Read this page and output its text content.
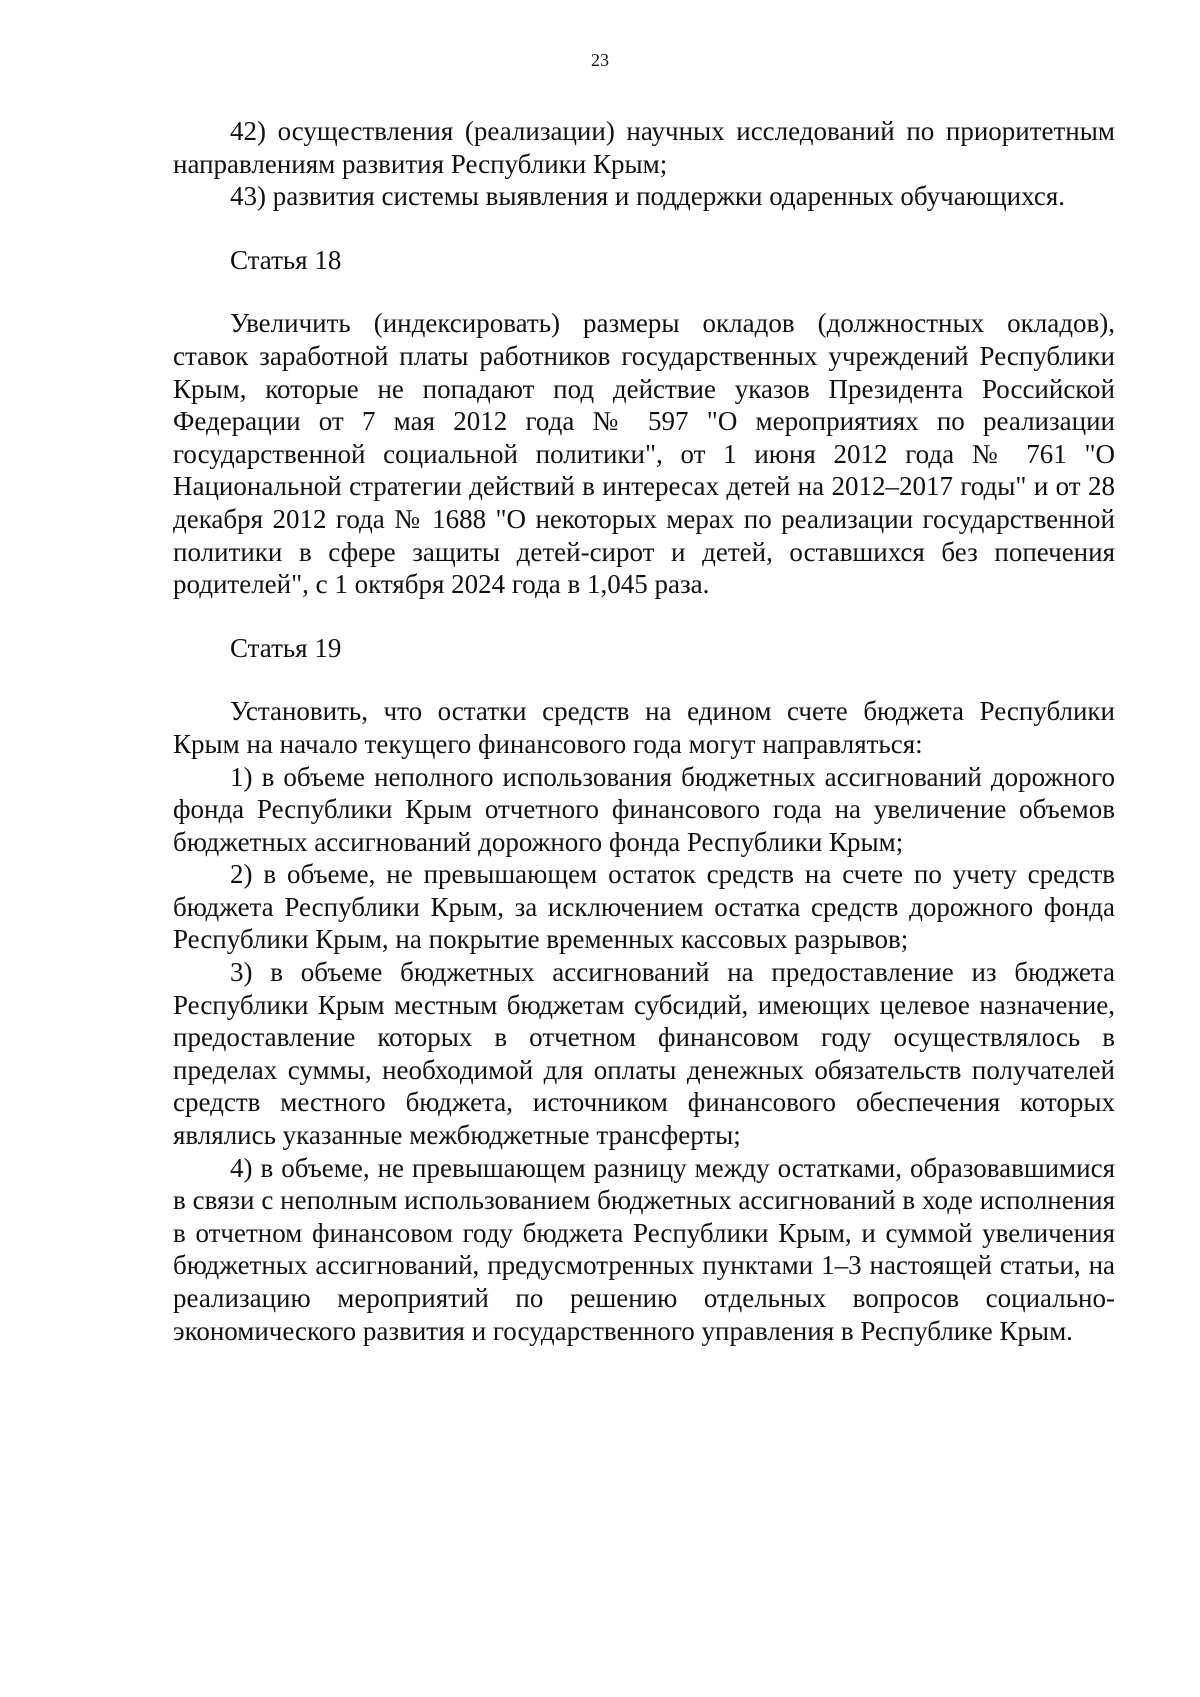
23

42) осуществления (реализации) научных исследований по приоритетным направлениям развития Республики Крым;

43) развития системы выявления и поддержки одаренных обучающихся.

Статья 18

Увеличить (индексировать) размеры окладов (должностных окладов), ставок заработной платы работников государственных учреждений Республики Крым, которые не попадают под действие указов Президента Российской Федерации от 7 мая 2012 года № 597 "О мероприятиях по реализации государственной социальной политики", от 1 июня 2012 года № 761 "О Национальной стратегии действий в интересах детей на 2012–2017 годы" и от 28 декабря 2012 года № 1688 "О некоторых мерах по реализации государственной политики в сфере защиты детей-сирот и детей, оставшихся без попечения родителей", с 1 октября 2024 года в 1,045 раза.

Статья 19

Установить, что остатки средств на едином счете бюджета Республики Крым на начало текущего финансового года могут направляться:

1) в объеме неполного использования бюджетных ассигнований дорожного фонда Республики Крым отчетного финансового года на увеличение объемов бюджетных ассигнований дорожного фонда Республики Крым;

2) в объеме, не превышающем остаток средств на счете по учету средств бюджета Республики Крым, за исключением остатка средств дорожного фонда Республики Крым, на покрытие временных кассовых разрывов;

3) в объеме бюджетных ассигнований на предоставление из бюджета Республики Крым местным бюджетам субсидий, имеющих целевое назначение, предоставление которых в отчетном финансовом году осуществлялось в пределах суммы, необходимой для оплаты денежных обязательств получателей средств местного бюджета, источником финансового обеспечения которых являлись указанные межбюджетные трансферты;

4) в объеме, не превышающем разницу между остатками, образовавшимися в связи с неполным использованием бюджетных ассигнований в ходе исполнения в отчетном финансовом году бюджета Республики Крым, и суммой увеличения бюджетных ассигнований, предусмотренных пунктами 1–3 настоящей статьи, на реализацию мероприятий по решению отдельных вопросов социально-экономического развития и государственного управления в Республике Крым.
